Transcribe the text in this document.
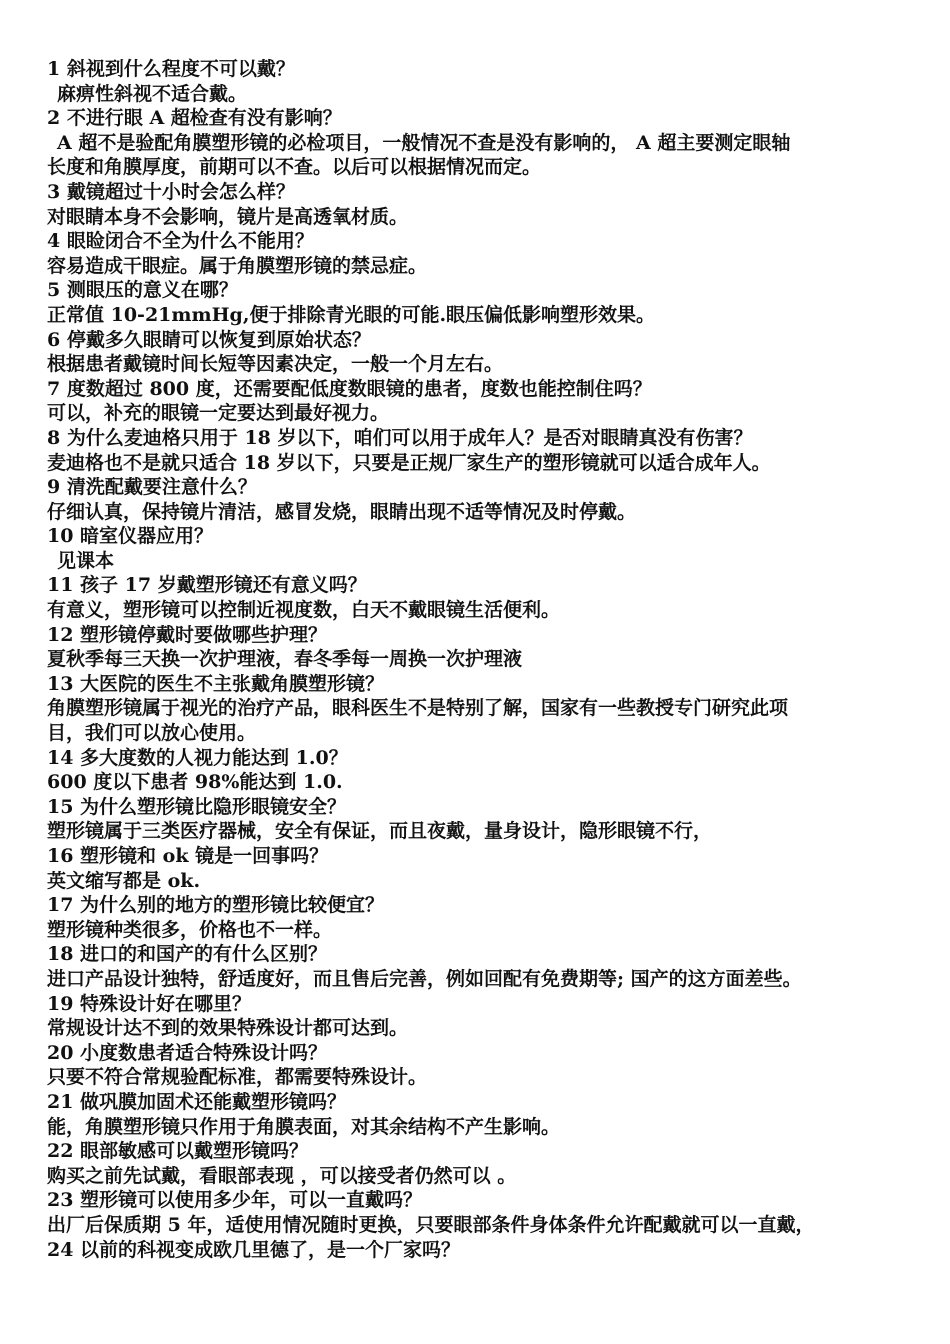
1 斜视到什么程度不可以戴？
麻痹性斜视不适合戴。
2 不进行眼 A 超检查有没有影响？
A 超不是验配角膜塑形镜的必检项目，一般情况不查是没有影响的， A 超主要测定眼轴
长度和角膜厚度，前期可以不查。以后可以根据情况而定。
3 戴镜超过十小时会怎么样？
对眼睛本身不会影响，镜片是高透氧材质。
4 眼睑闭合不全为什么不能用？
容易造成干眼症。属于角膜塑形镜的禁忌症。
5 测眼压的意义在哪？
正常值 10-21mmHg,便于排除青光眼的可能.眼压偏低影响塑形效果。
6 停戴多久眼睛可以恢复到原始状态？
根据患者戴镜时间长短等因素决定，一般一个月左右。
7 度数超过 800 度，还需要配低度数眼镜的患者，度数也能控制住吗？
可以，补充的眼镜一定要达到最好视力。
8 为什么麦迪格只用于 18 岁以下，咱们可以用于成年人？是否对眼睛真没有伤害？
麦迪格也不是就只适合 18 岁以下，只要是正规厂家生产的塑形镜就可以适合成年人。
9 清洗配戴要注意什么？
仔细认真，保持镜片清洁，感冒发烧，眼睛出现不适等情况及时停戴。
10 暗室仪器应用？
见课本
11 孩子 17 岁戴塑形镜还有意义吗？
有意义，塑形镜可以控制近视度数，白天不戴眼镜生活便利。
12 塑形镜停戴时要做哪些护理？
夏秋季每三天换一次护理液，春冬季每一周换一次护理液
13 大医院的医生不主张戴角膜塑形镜？
角膜塑形镜属于视光的治疗产品，眼科医生不是特别了解，国家有一些教授专门研究此项
目，我们可以放心使用。
14 多大度数的人视力能达到 1.0？
600 度以下患者 98%能达到 1.0.
15 为什么塑形镜比隐形眼镜安全？
塑形镜属于三类医疗器械，安全有保证，而且夜戴，量身设计，隐形眼镜不行，
16 塑形镜和 ok 镜是一回事吗？
英文缩写都是 ok.
17 为什么别的地方的塑形镜比较便宜？
塑形镜种类很多，价格也不一样。
18 进口的和国产的有什么区别？
进口产品设计独特，舒适度好，而且售后完善，例如回配有免费期等; 国产的这方面差些。
19 特殊设计好在哪里？
常规设计达不到的效果特殊设计都可达到。
20 小度数患者适合特殊设计吗？
只要不符合常规验配标准，都需要特殊设计。
21 做巩膜加固术还能戴塑形镜吗？
能，角膜塑形镜只作用于角膜表面，对其余结构不产生影响。
22 眼部敏感可以戴塑形镜吗？
购买之前先试戴，看眼部表现 ，可以接受者仍然可以 。
23 塑形镜可以使用多少年，可以一直戴吗？
出厂后保质期 5 年，适使用情况随时更换，只要眼部条件身体条件允许配戴就可以一直戴，
24 以前的科视变成欧几里德了，是一个厂家吗？
